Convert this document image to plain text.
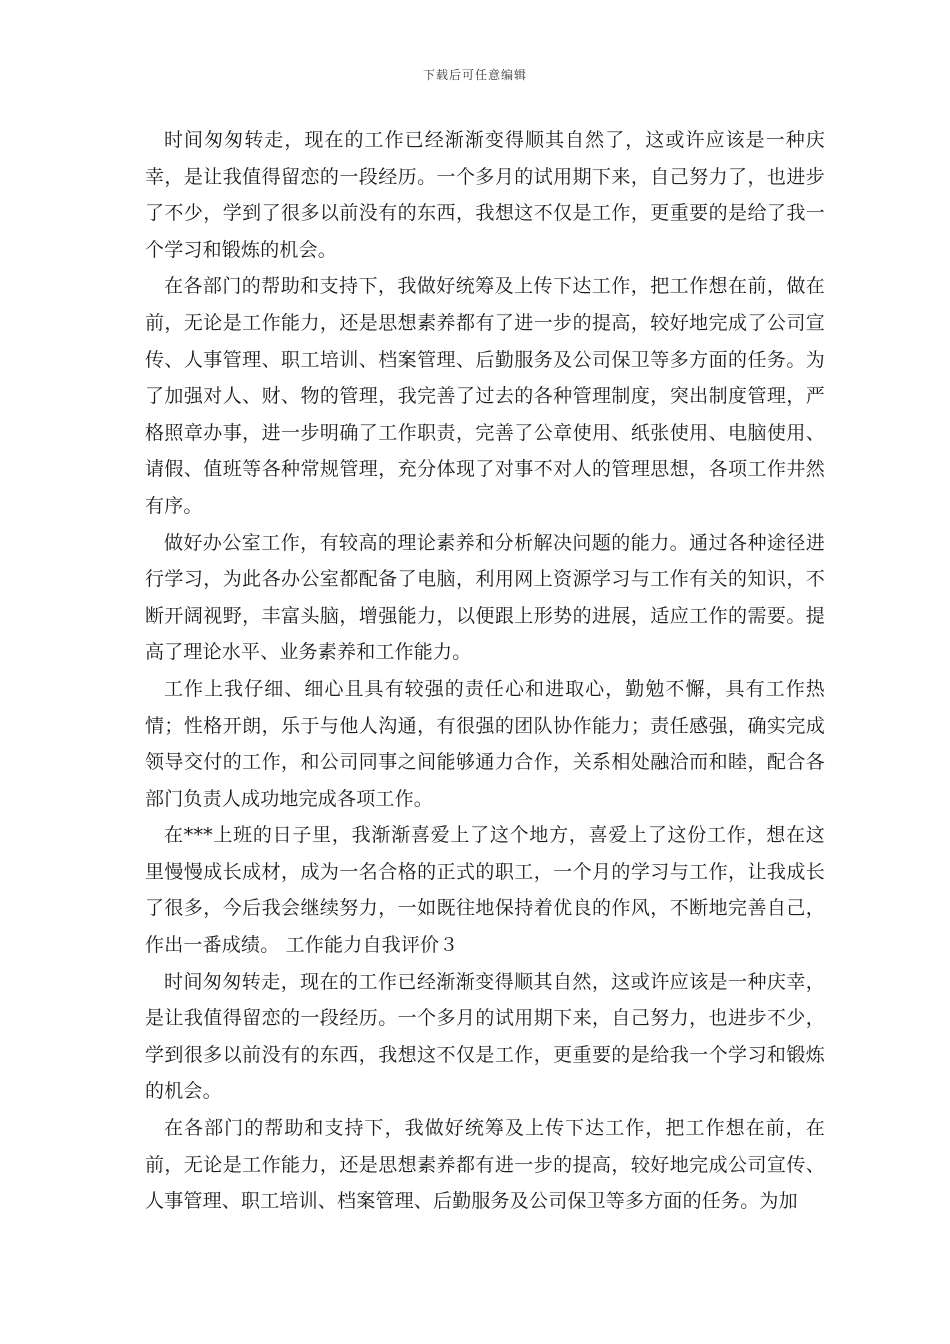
下载后可任意编辑

时间匆匆转走，现在的工作已经渐渐变得顺其自然了，这或许应该是一种庆幸，是让我值得留恋的一段经历。一个多月的试用期下来，自己努力了，也进步了不少，学到了很多以前没有的东西，我想这不仅是工作，更重要的是给了我一个学习和锻炼的机会。

在各部门的帮助和支持下，我做好统筹及上传下达工作，把工作想在前，做在前，无论是工作能力，还是思想素养都有了进一步的提高，较好地完成了公司宣传、人事管理、职工培训、档案管理、后勤服务及公司保卫等多方面的任务。为了加强对人、财、物的管理，我完善了过去的各种管理制度，突出制度管理，严格照章办事，进一步明确了工作职责，完善了公章使用、纸张使用、电脑使用、请假、值班等各种常规管理，充分体现了对事不对人的管理思想，各项工作井然有序。

做好办公室工作，有较高的理论素养和分析解决问题的能力。通过各种途径进行学习，为此各办公室都配备了电脑，利用网上资源学习与工作有关的知识，不断开阔视野，丰富头脑，增强能力，以便跟上形势的进展，适应工作的需要。提高了理论水平、业务素养和工作能力。

工作上我仔细、细心且具有较强的责任心和进取心，勤勉不懈，具有工作热情；性格开朗，乐于与他人沟通，有很强的团队协作能力；责任感强，确实完成领导交付的工作，和公司同事之间能够通力合作，关系相处融洽而和睦，配合各部门负责人成功地完成各项工作。

在***上班的日子里，我渐渐喜爱上了这个地方，喜爱上了这份工作，想在这里慢慢成长成材，成为一名合格的正式的职工，一个月的学习与工作，让我成长了很多，今后我会继续努力，一如既往地保持着优良的作风，不断地完善自己，作出一番成绩。 工作能力自我评价３

时间匆匆转走，现在的工作已经渐渐变得顺其自然，这或许应该是一种庆幸，是让我值得留恋的一段经历。一个多月的试用期下来，自己努力，也进步不少，学到很多以前没有的东西，我想这不仅是工作，更重要的是给我一个学习和锻炼的机会。

在各部门的帮助和支持下，我做好统筹及上传下达工作，把工作想在前，在前，无论是工作能力，还是思想素养都有进一步的提高，较好地完成公司宣传、人事管理、职工培训、档案管理、后勤服务及公司保卫等多方面的任务。为加
